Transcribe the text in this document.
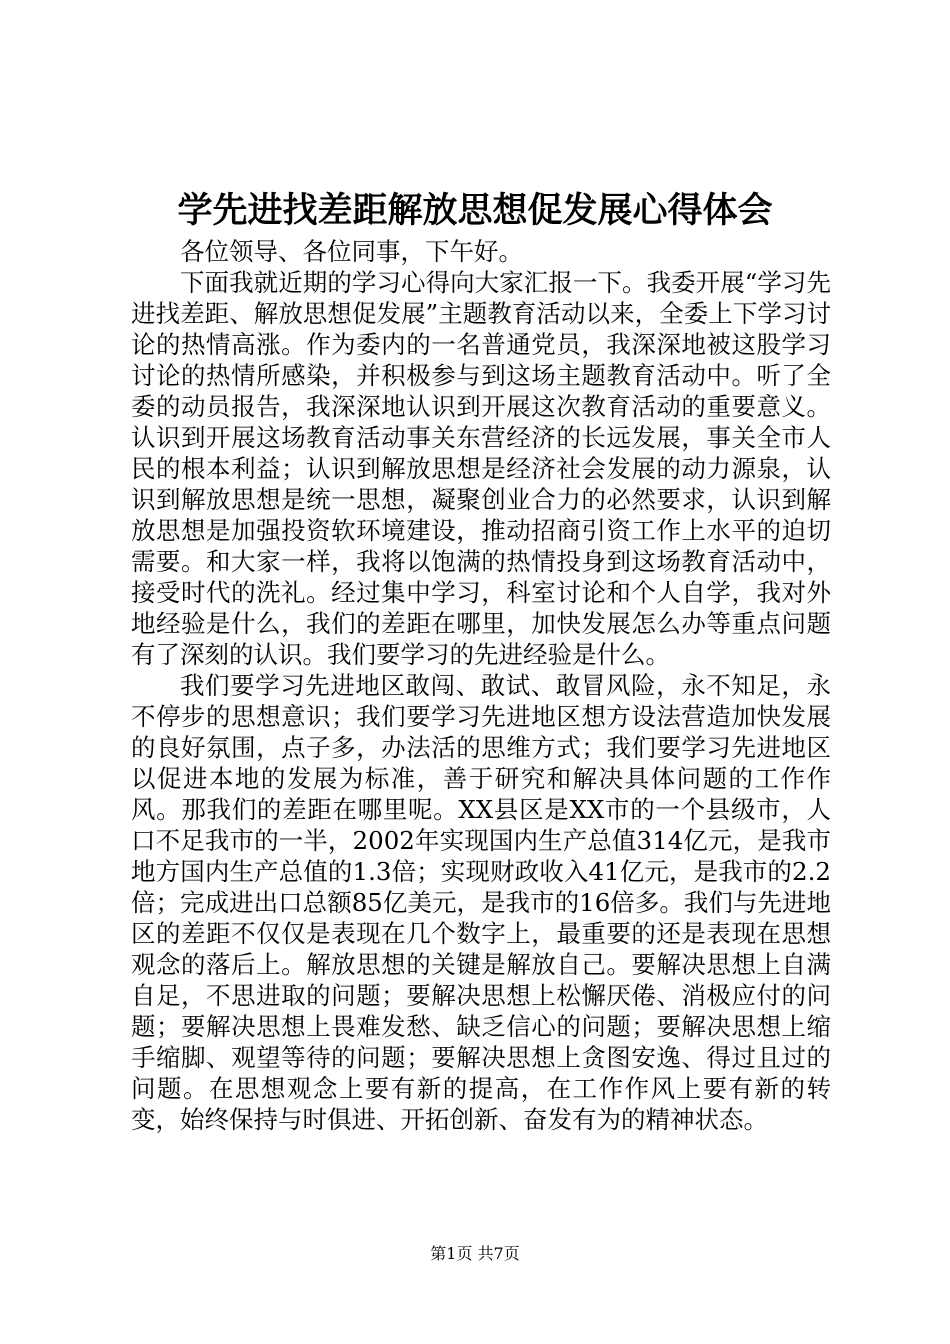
学先进找差距解放思想促发展心得体会

各位领导、各位同事，下午好。

下面我就近期的学习心得向大家汇报一下。我委开展“学习先进找差距、解放思想促发展”主题教育活动以来，全委上下学习讨论的热情高涨。作为委内的一名普通党员，我深深地被这股学习讨论的热情所感染，并积极参与到这场主题教育活动中。听了全委的动员报告，我深深地认识到开展这次教育活动的重要意义。认识到开展这场教育活动事关东营经济的长远发展，事关全市人民的根本利益；认识到解放思想是经济社会发展的动力源泉，认识到解放思想是统一思想，凝聚创业合力的必然要求，认识到解放思想是加强投资软环境建设，推动招商引资工作上水平的迫切需要。和大家一样，我将以饱满的热情投身到这场教育活动中，接受时代的洗礼。经过集中学习，科室讨论和个人自学，我对外地经验是什么，我们的差距在哪里，加快发展怎么办等重点问题有了深刻的认识。我们要学习的先进经验是什么。

我们要学习先进地区敢闯、敢试、敢冒风险，永不知足，永不停步的思想意识；我们要学习先进地区想方设法营造加快发展的良好氛围，点子多，办法活的思维方式；我们要学习先进地区以促进本地的发展为标准，善于研究和解决具体问题的工作作风。那我们的差距在哪里呢。XX县区是XX市的一个县级市，人口不足我市的一半，2002年实现国内生产总值314亿元，是我市地方国内生产总值的1.3倍；实现财政收入41亿元，是我市的2.2倍；完成进出口总额85亿美元，是我市的16倍多。我们与先进地区的差距不仅仅是表现在几个数字上，最重要的还是表现在思想观念的落后上。解放思想的关键是解放自己。要解决思想上自满自足，不思进取的问题；要解决思想上松懈厌倦、消极应付的问题；要解决思想上畏难发愁、缺乏信心的问题；要解决思想上缩手缩脚、观望等待的问题；要解决思想上贪图安逸、得过且过的问题。在思想观念上要有新的提高，在工作作风上要有新的转变，始终保持与时俱进、开拓创新、奋发有为的精神状态。

第1页 共7页
